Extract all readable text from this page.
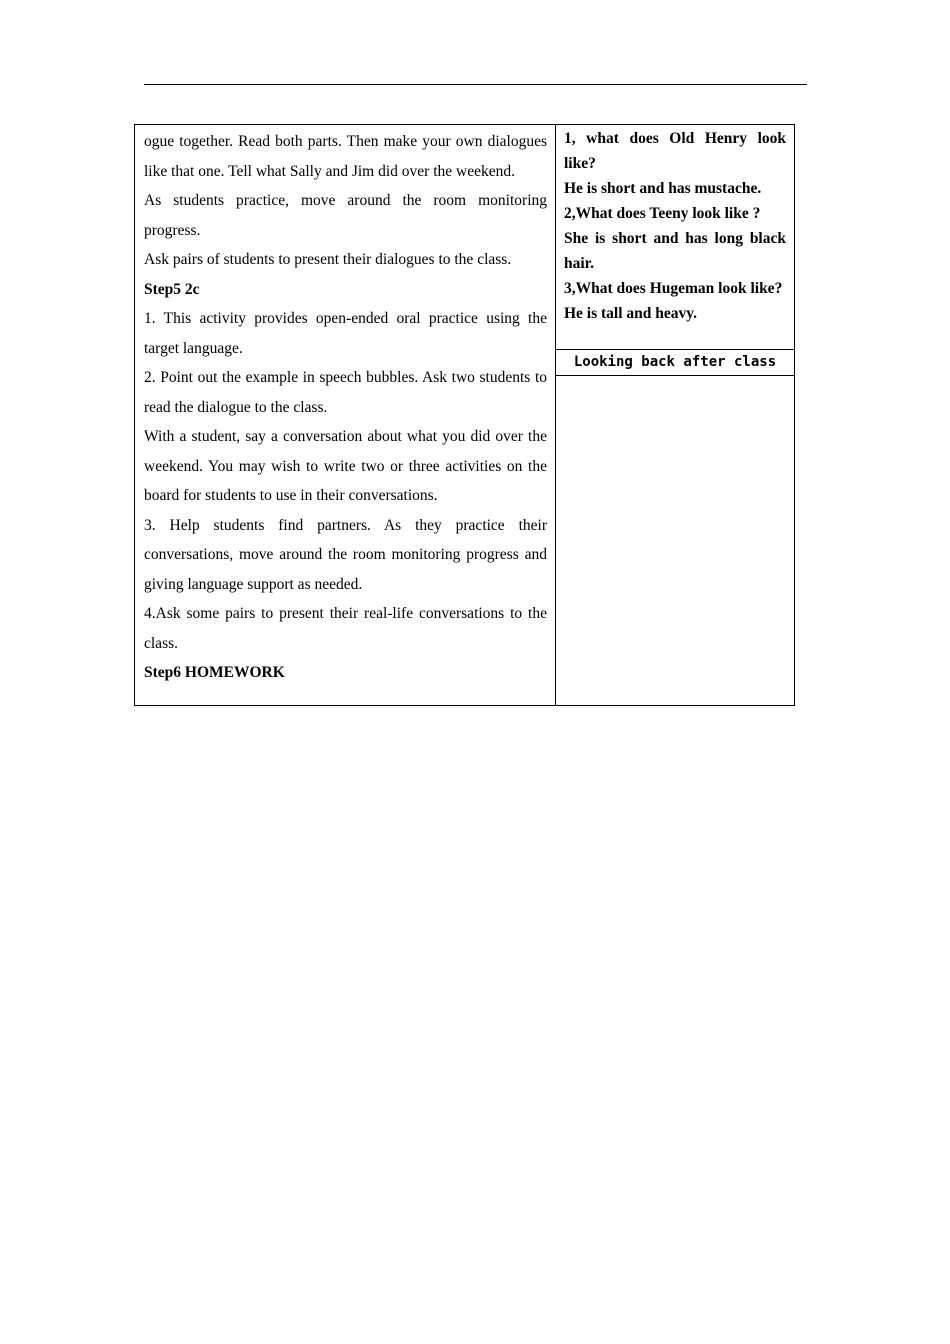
ogue together. Read both parts. Then make your own dialogues like that one. Tell what Sally and Jim did over the weekend.

As students practice, move around the room monitoring progress.

Ask pairs of students to present their dialogues to the class.

Step5 2c

1. This activity provides open-ended oral practice using the target language.

2. Point out the example in speech bubbles. Ask two students to read the dialogue to the class.

With a student, say a conversation about what you did over the weekend. You may wish to write two or three activities on the board for students to use in their conversations.

3. Help students find partners. As they practice their conversations, move around the room monitoring progress and giving language support as needed.

4.Ask some pairs to present their real-life conversations to the class.

Step6 HOMEWORK

1, what does Old Henry look like?

He is short and has mustache.

2,What does Teeny look like ?

She is short and has long black hair.

3,What does Hugeman look like?

He is tall and heavy.

Looking back after class
